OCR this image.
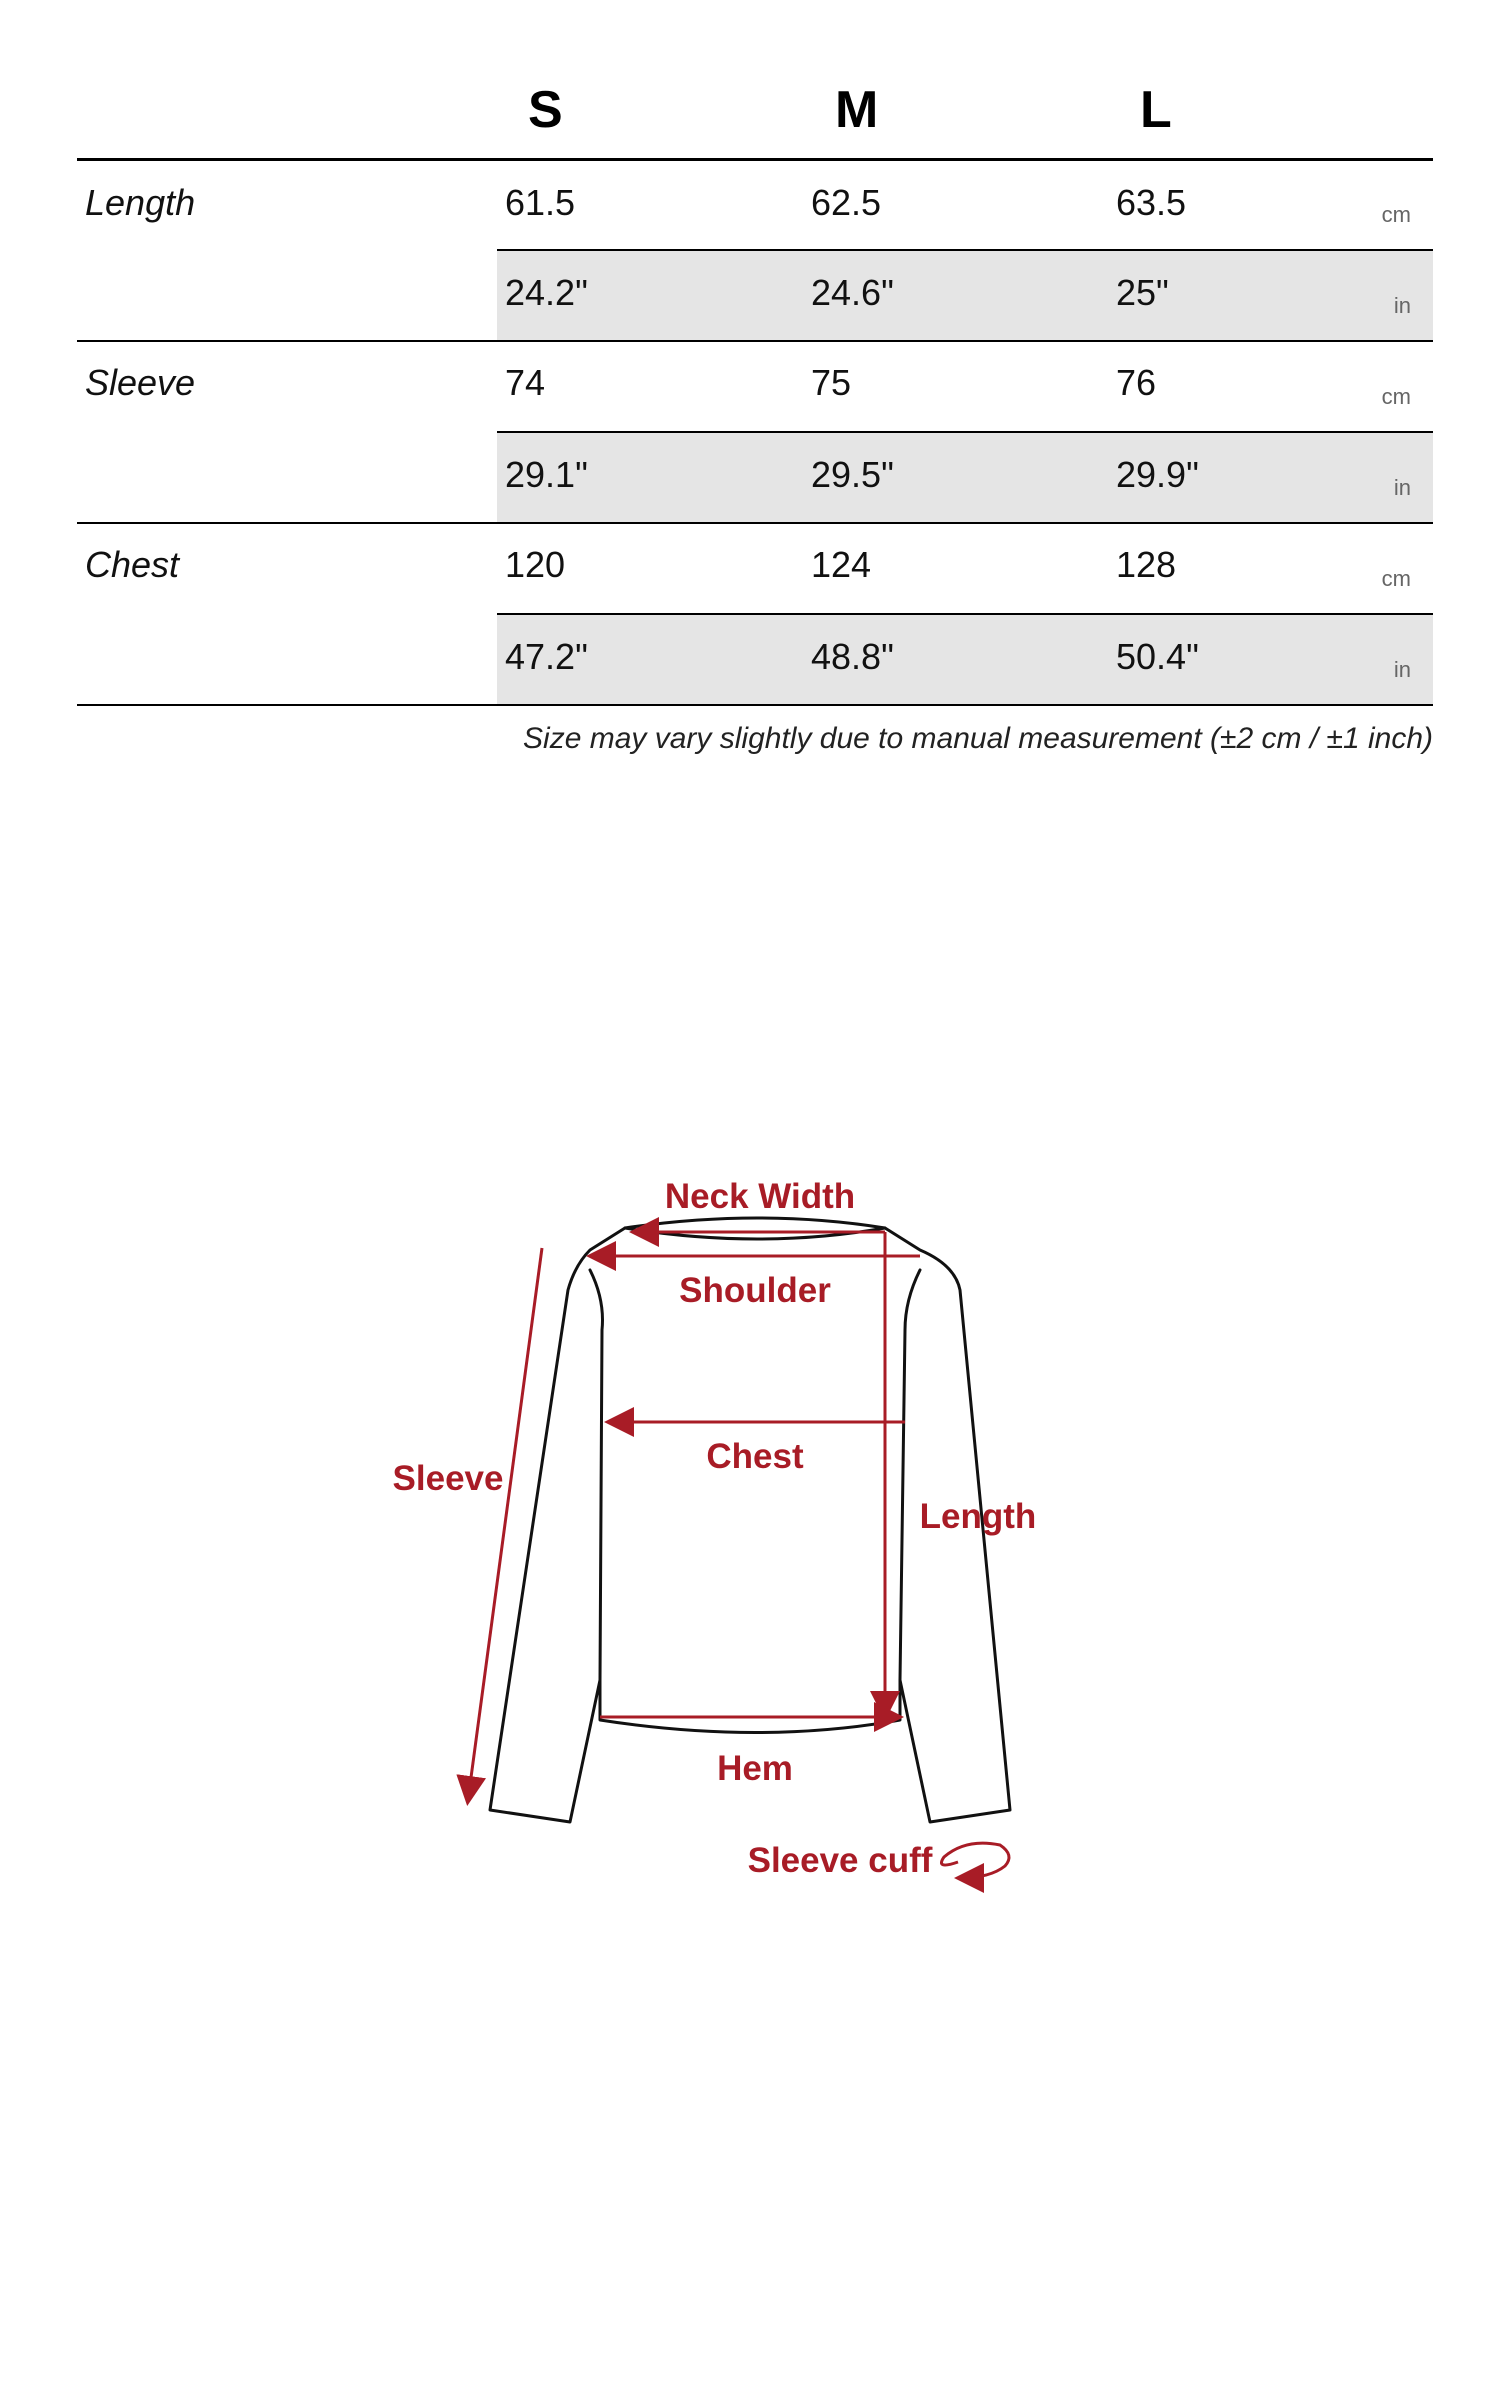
S	M	L
Length	61.5	62.5	63.5	cm
24.2"	24.6"	25"	in
Sleeve	74	75	76	cm
29.1"	29.5"	29.9"	in
Chest	120	124	128	cm
47.2"	48.8"	50.4"	in
Size may vary slightly due to manual measurement (±2 cm / ±1 inch)
Neck Width
Shoulder
Chest
Sleeve
Length
Hem
Sleeve cuff
